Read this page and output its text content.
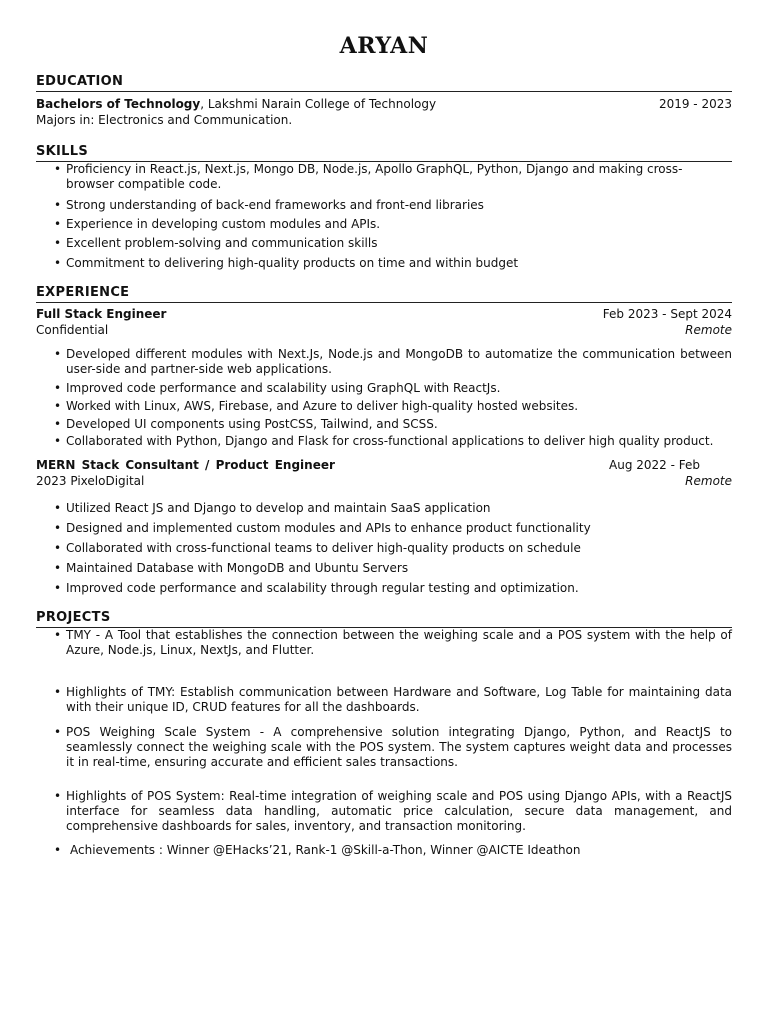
ARYAN
EDUCATION
Bachelors of Technology, Lakshmi Narain College of Technology	2019 - 2023
Majors in: Electronics and Communication.
SKILLS
• Proficiency in React.js, Next.js, Mongo DB, Node.js, Apollo GraphQL, Python, Django and making cross-browser compatible code.
• Strong understanding of back-end frameworks and front-end libraries
• Experience in developing custom modules and APIs.
• Excellent problem-solving and communication skills
• Commitment to delivering high-quality products on time and within budget
EXPERIENCE
Full Stack Engineer	Feb 2023 - Sept 2024
Confidential	Remote
• Developed different modules with Next.Js, Node.js and MongoDB to automatize the communication between user-side and partner-side web applications.
• Improved code performance and scalability using GraphQL with ReactJs.
• Worked with Linux, AWS, Firebase, and Azure to deliver high-quality hosted websites.
• Developed UI components using PostCSS, Tailwind, and SCSS.
• Collaborated with Python, Django and Flask for cross-functional applications to deliver high quality product.
MERN Stack Consultant / Product Engineer	Aug 2022 - Feb
2023 PixeloDigital	Remote
• Utilized React JS and Django to develop and maintain SaaS application
• Designed and implemented custom modules and APIs to enhance product functionality
• Collaborated with cross-functional teams to deliver high-quality products on schedule
• Maintained Database with MongoDB and Ubuntu Servers
• Improved code performance and scalability through regular testing and optimization.
PROJECTS
• TMY - A Tool that establishes the connection between the weighing scale and a POS system with the help of Azure, Node.js, Linux, NextJs, and Flutter.
• Highlights of TMY: Establish communication between Hardware and Software, Log Table for maintaining data with their unique ID, CRUD features for all the dashboards.
• POS Weighing Scale System - A comprehensive solution integrating Django, Python, and ReactJS to seamlessly connect the weighing scale with the POS system. The system captures weight data and processes it in real-time, ensuring accurate and efficient sales transactions.
• Highlights of POS System: Real-time integration of weighing scale and POS using Django APIs, with a ReactJS interface for seamless data handling, automatic price calculation, secure data management, and comprehensive dashboards for sales, inventory, and transaction monitoring.
• Achievements : Winner @EHacks’21, Rank-1 @Skill-a-Thon, Winner @AICTE Ideathon
